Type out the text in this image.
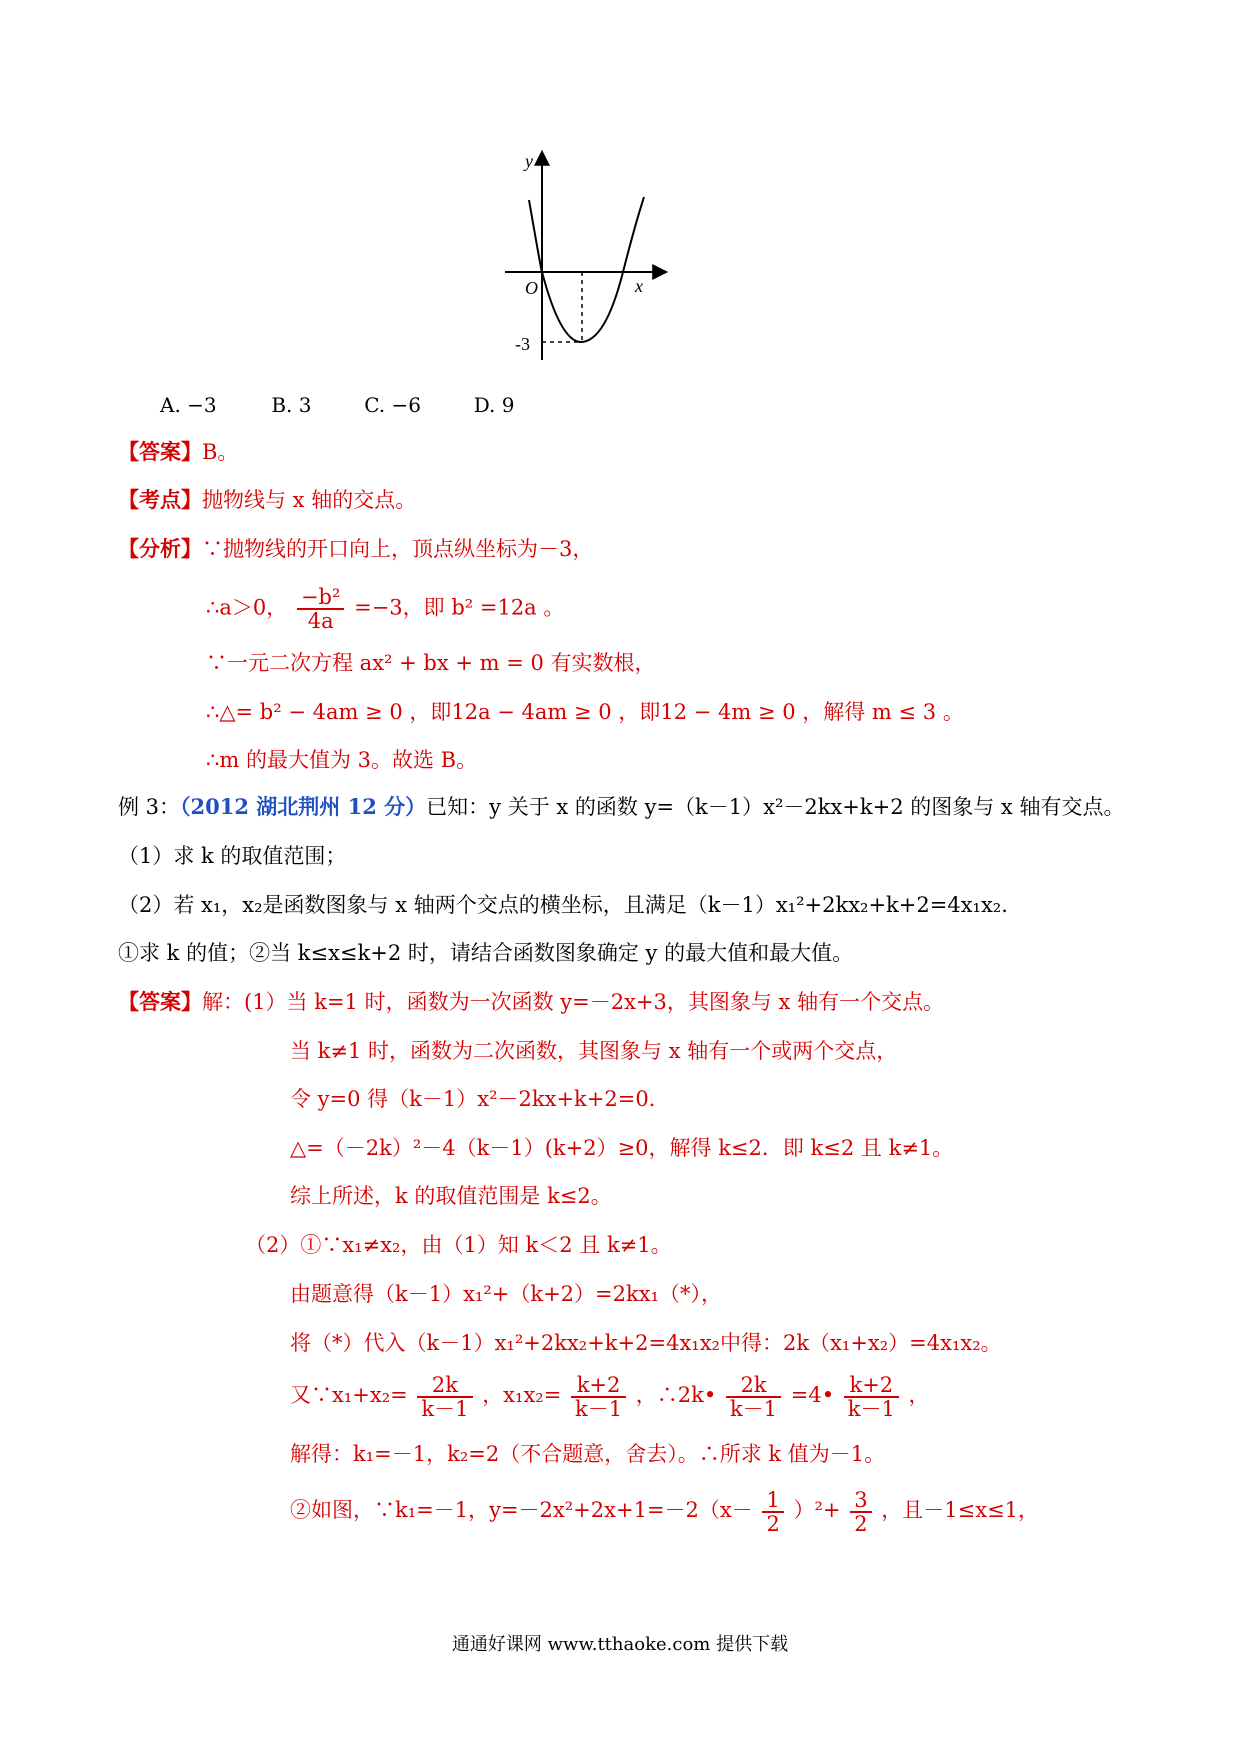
y
x
O
-3
A. −3	B. 3	C. −6	D. 9
【答案】B。
【考点】抛物线与 x 轴的交点。
【分析】∵抛物线的开口向上，顶点纵坐标为－3，
∴a＞0， $\frac{\text{−b²}}{4a} =-3$，即 b² =12a 。
∵一元二次方程 ax² + bx + m = 0 有实数根，
∴△= b² − 4am ≥ 0 ，即12a − 4am ≥ 0 ，即12 − 4m ≥ 0 ，解得 m ≤ 3 。
∴m 的最大值为 3。故选 B。
例 3：（2012 湖北荆州 12 分）已知：y 关于 x 的函数 y=（k－1）x²－2kx+k+2 的图象与 x 轴有交点。
（1）求 k 的取值范围；
（2）若 x₁，x₂是函数图象与 x 轴两个交点的横坐标，且满足（k－1）x₁²+2kx₂+k+2=4x₁x₂.
①求 k 的值；②当 k≤x≤k+2 时，请结合函数图象确定 y 的最大值和最大值。
【答案】解：(1）当 k=1 时，函数为一次函数 y=－2x+3，其图象与 x 轴有一个交点。
当 k≠1 时，函数为二次函数，其图象与 x 轴有一个或两个交点，
令 y=0 得（k－1）x²－2kx+k+2=0.
△=（－2k）²－4（k－1）(k+2）≥0，解得 k≤2．即 k≤2 且 k≠1。
综上所述，k 的取值范围是 k≤2。
（2）①∵x₁≠x₂，由（1）知 k＜2 且 k≠1。
由题意得（k－1）x₁²+（k+2）=2kx₁（*），
将（*）代入（k－1）x₁²+2kx₂+k+2=4x₁x₂中得：2k（x₁+x₂）=4x₁x₂。
又∵x₁+x₂= $\frac{2k}{k-1}$ ，$x_1x_2= \frac{k+2}{k-1}$ ，∴2k• $\frac{2k}{k-1}$ =4• $\frac{k+2}{k-1}$ ，
解得：k₁=－1，k₂=2（不合题意，舍去）。∴所求 k 值为－1。
②如图，∵k₁=－1，$y=-2x^2+2x+1=-2(x- \frac{1}{2} )^2+ \frac{3}{2}$ ，且－1≤x≤1，
通通好课网 www.tthaoke.com 提供下载
